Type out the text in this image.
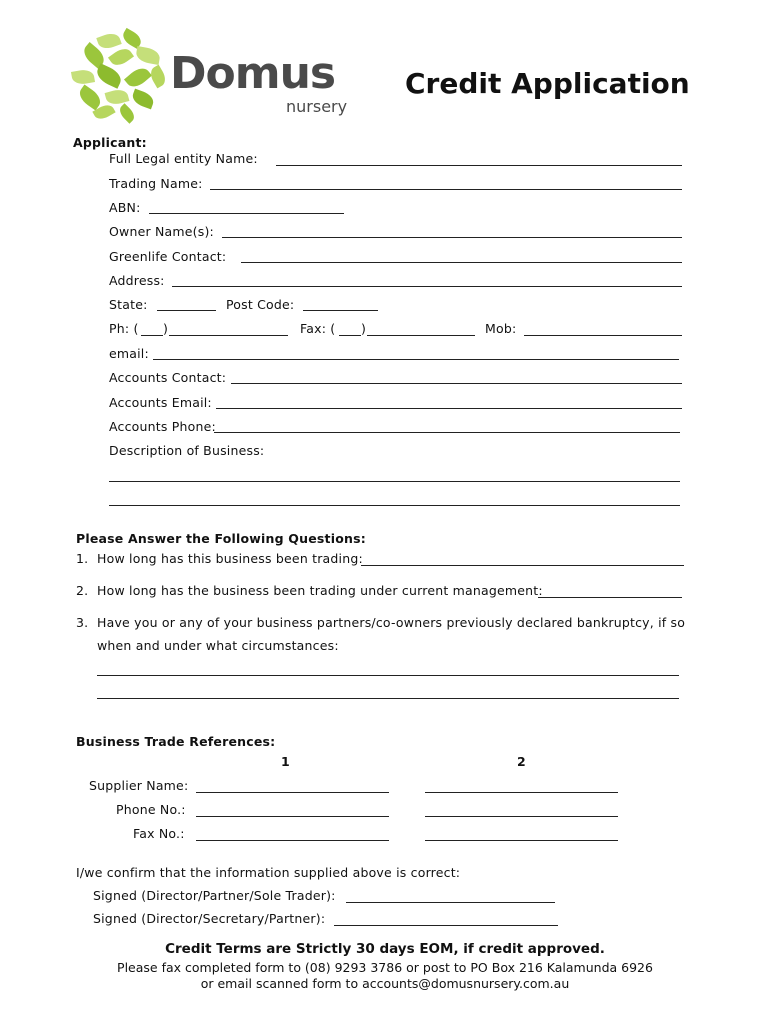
Domus
nursery
Credit Application
Applicant:
Full Legal entity Name:
Trading Name:
ABN:
Owner Name(s):
Greenlife Contact:
Address:
State:	Post Code:
Ph: ( )	Fax: ( )	Mob:
email:
Accounts Contact:
Accounts Email:
Accounts Phone:
Description of Business:
Please Answer the Following Questions:
1. How long has this business been trading:
2. How long has the business been trading under current management:
3. Have you or any of your business partners/co-owners previously declared bankruptcy, if so
when and under what circumstances:
Business Trade References:
1	2
Supplier Name:
Phone No.:
Fax No.:
I/we confirm that the information supplied above is correct:
Signed (Director/Partner/Sole Trader):
Signed (Director/Secretary/Partner):
Credit Terms are Strictly 30 days EOM, if credit approved.
Please fax completed form to (08) 9293 3786 or post to PO Box 216 Kalamunda 6926
or email scanned form to accounts@domusnursery.com.au
